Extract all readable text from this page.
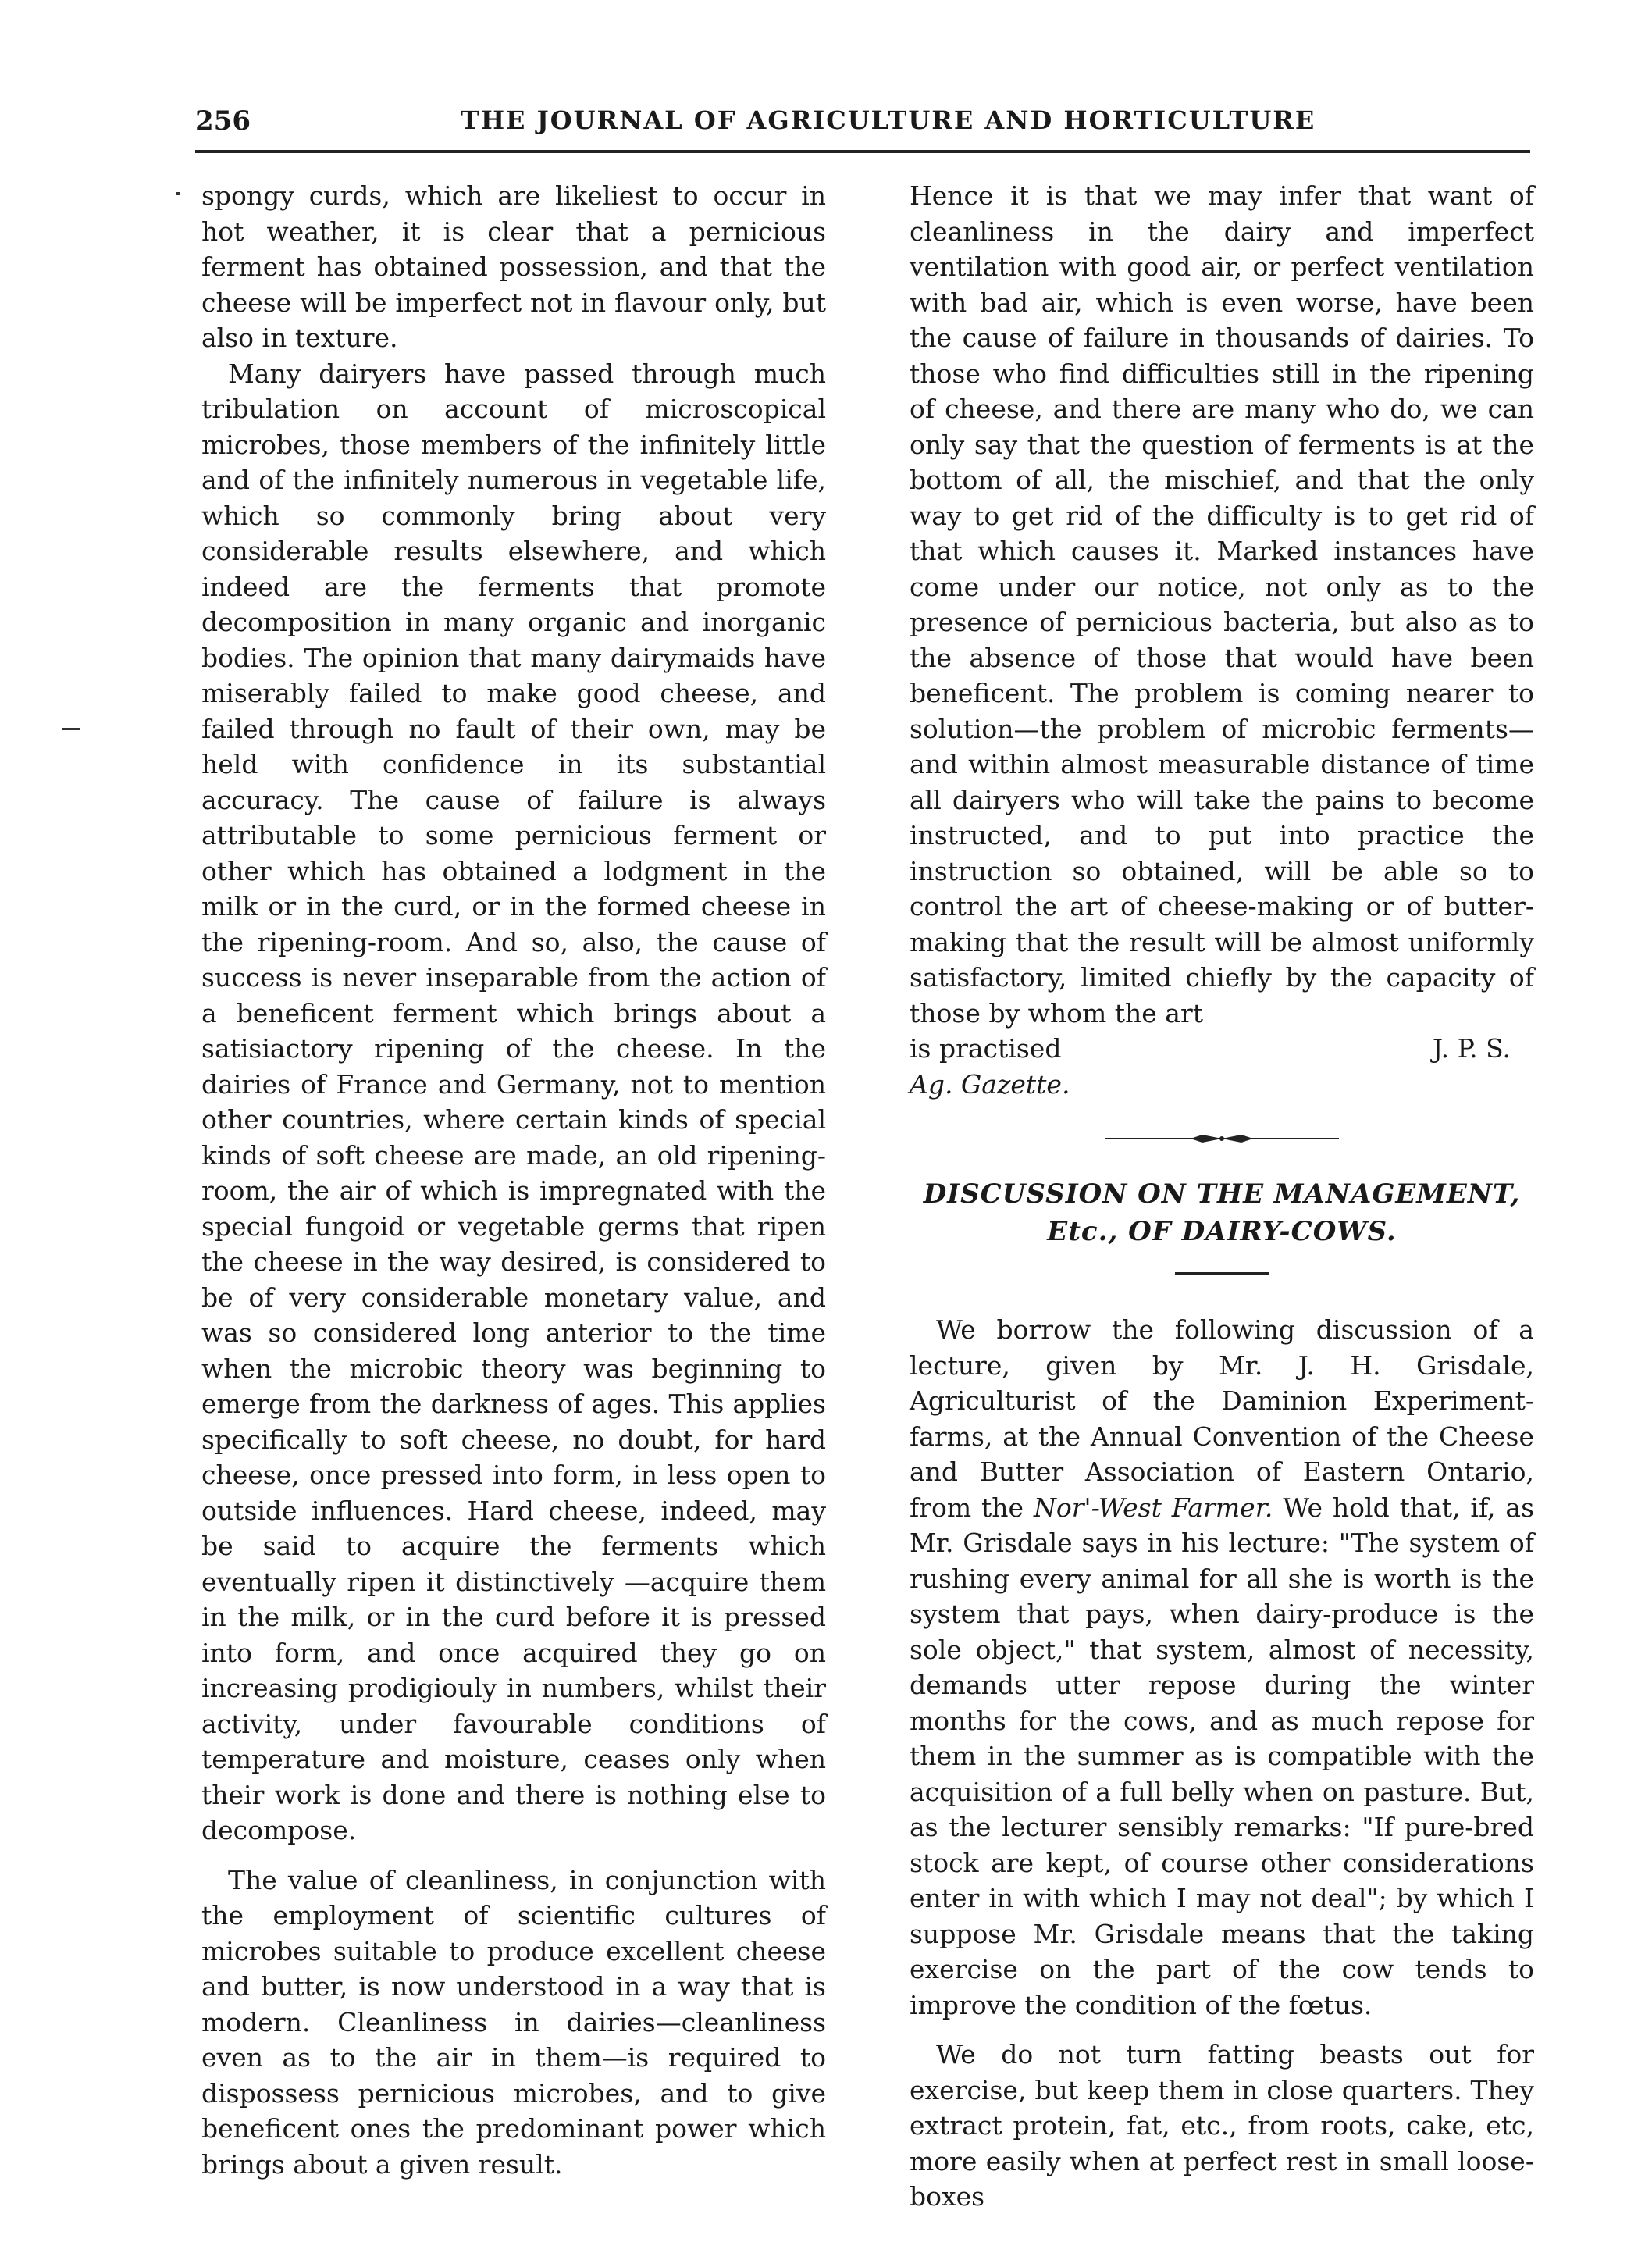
256	THE JOURNAL OF AGRICULTURE AND HORTICULTURE

spongy curds, which are likeliest to occur in hot weather, it is clear that a pernicious ferment has obtained possession, and that the cheese will be imperfect not in flavour only, but also in texture.

Many dairyers have passed through much tribulation on account of microscopical microbes, those members of the infinitely little and of the infinitely numerous in vegetable life, which so commonly bring about very considerable results elsewhere, and which indeed are the ferments that promote decomposition in many organic and inorganic bodies. The opinion that many dairymaids have miserably failed to make good cheese, and failed through no fault of their own, may be held with confidence in its substantial accuracy. The cause of failure is always attributable to some pernicious ferment or other which has obtained a lodgment in the milk or in the curd, or in the formed cheese in the ripening-room. And so, also, the cause of success is never inseparable from the action of a beneficent ferment which brings about a satisiactory ripening of the cheese. In the dairies of France and Germany, not to mention other countries, where certain kinds of special kinds of soft cheese are made, an old ripening-room, the air of which is impregnated with the special fungoid or vegetable germs that ripen the cheese in the way desired, is considered to be of very considerable monetary value, and was so considered long anterior to the time when the microbic theory was beginning to emerge from the darkness of ages. This applies specifically to soft cheese, no doubt, for hard cheese, once pressed into form, in less open to outside influences. Hard cheese, indeed, may be said to acquire the ferments which eventually ripen it distinctively —acquire them in the milk, or in the curd before it is pressed into form, and once acquired they go on increasing prodigiouly in numbers, whilst their activity, under favourable conditions of temperature and moisture, ceases only when their work is done and there is nothing else to decompose.

The value of cleanliness, in conjunction with the employment of scientific cultures of microbes suitable to produce excellent cheese and butter, is now understood in a way that is modern. Cleanliness in dairies—cleanliness even as to the air in them—is required to dispossess pernicious microbes, and to give beneficent ones the predominant power which brings about a given result.

Hence it is that we may infer that want of cleanliness in the dairy and imperfect ventilation with good air, or perfect ventilation with bad air, which is even worse, have been the cause of failure in thousands of dairies. To those who find difficulties still in the ripening of cheese, and there are many who do, we can only say that the question of ferments is at the bottom of all, the mischief, and that the only way to get rid of the difficulty is to get rid of that which causes it. Marked instances have come under our notice, not only as to the presence of pernicious bacteria, but also as to the absence of those that would have been beneficent. The problem is coming nearer to solution—the problem of microbic ferments—and within almost measurable distance of time all dairyers who will take the pains to become instructed, and to put into practice the instruction so obtained, will be able so to control the art of cheese-making or of butter-making that the result will be almost uniformly satisfactory, limited chiefly by the capacity of those by whom the art

is practised	J. P. S.

Ag. Gazette.

DISCUSSION ON THE MANAGEMENT,

Etc., OF DAIRY-COWS.

We borrow the following discussion of a lecture, given by Mr. J. H. Grisdale, Agriculturist of the Daminion Experiment-farms, at the Annual Convention of the Cheese and Butter Association of Eastern Ontario, from the Nor'-West Farmer. We hold that, if, as Mr. Grisdale says in his lecture: "The system of rushing every animal for all she is worth is the system that pays, when dairy-produce is the sole object," that system, almost of necessity, demands utter repose during the winter months for the cows, and as much repose for them in the summer as is compatible with the acquisition of a full belly when on pasture. But, as the lecturer sensibly remarks: "If pure-bred stock are kept, of course other considerations enter in with which I may not deal"; by which I suppose Mr. Grisdale means that the taking exercise on the part of the cow tends to improve the condition of the fœtus.

We do not turn fatting beasts out for exercise, but keep them in close quarters. They extract protein, fat, etc., from roots, cake, etc, more easily when at perfect rest in small loose-boxes
